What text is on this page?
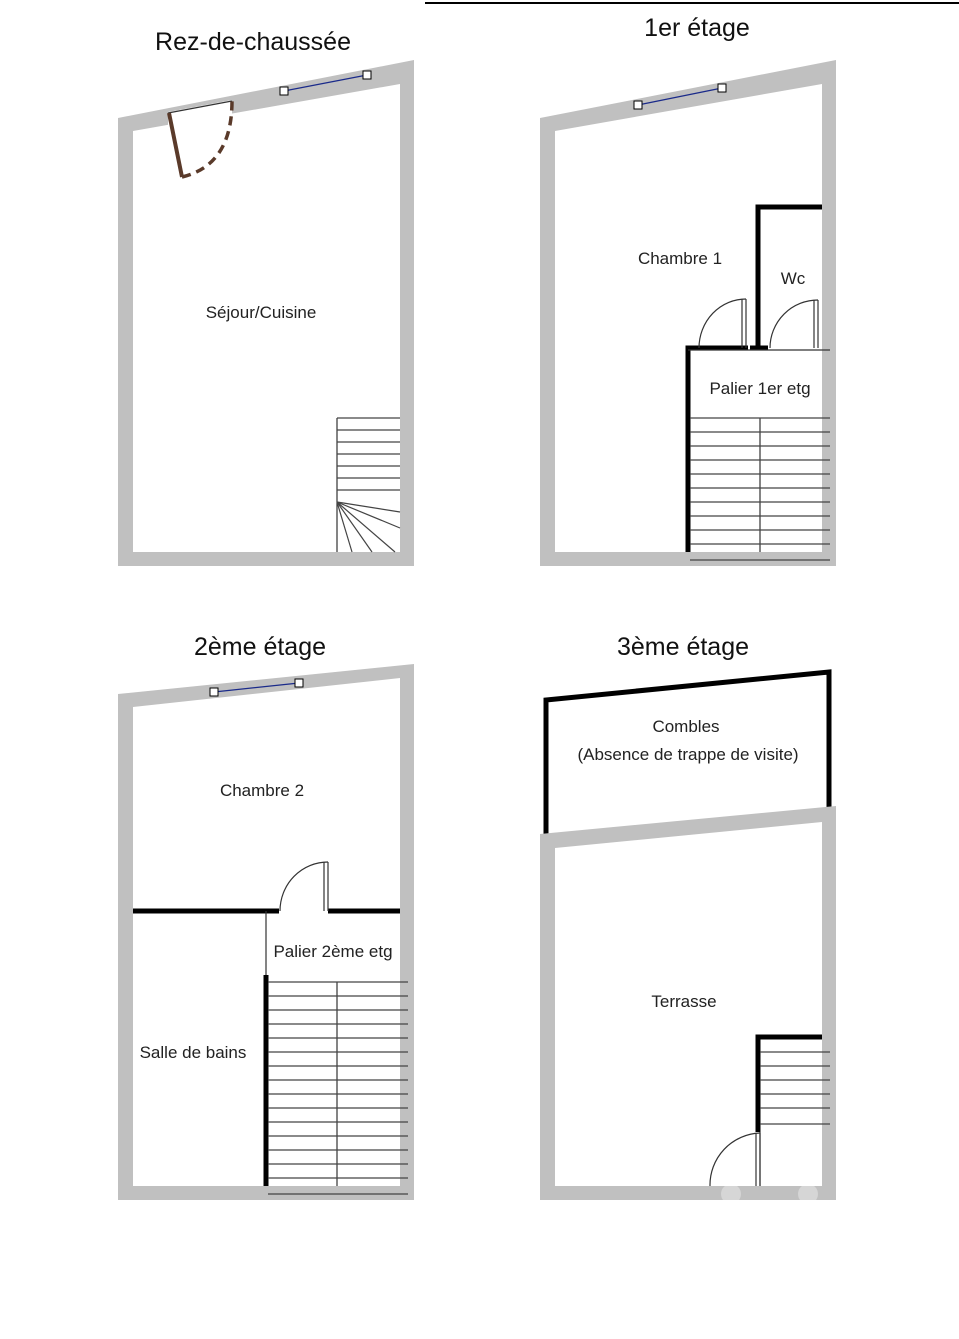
Rez-de-chaussée
Séjour/Cuisine
1er étage
Chambre 1
Wc
Palier 1er etg
2ème étage
Chambre 2
Palier 2ème etg
Salle de bains
3ème étage
Combles
(Absence de trappe de visite)
Terrasse
